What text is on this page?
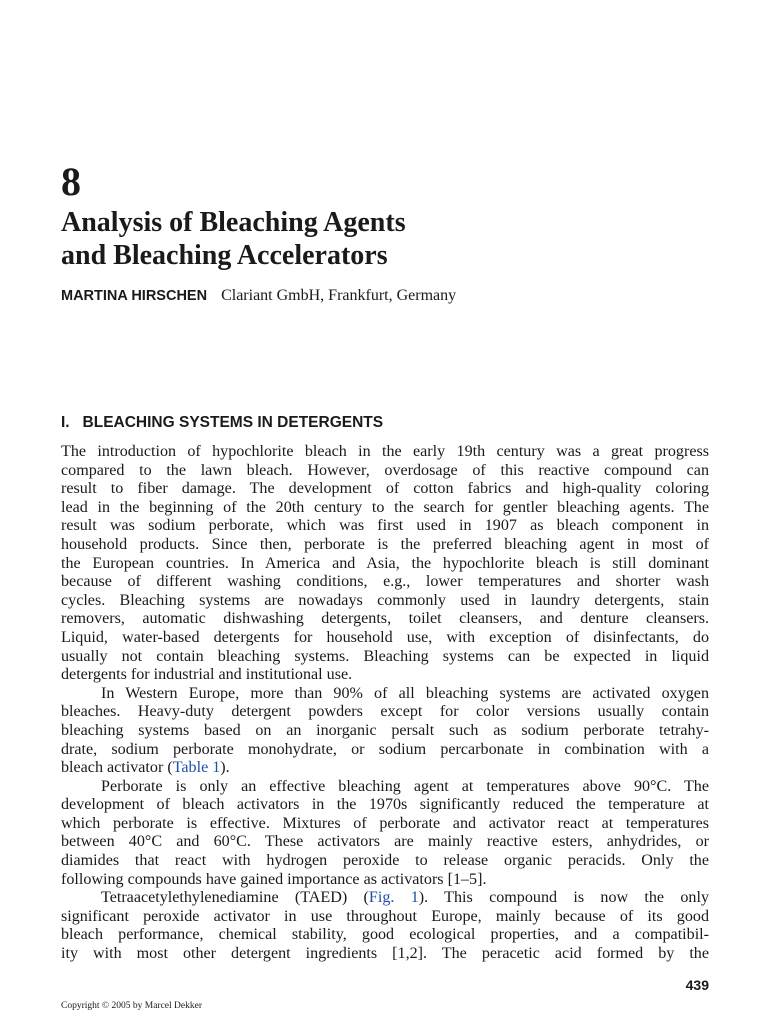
8
Analysis of Bleaching Agents
and Bleaching Accelerators
MARTINA HIRSCHEN Clariant GmbH, Frankfurt, Germany
I.   BLEACHING SYSTEMS IN DETERGENTS
The introduction of hypochlorite bleach in the early 19th century was a great progress
compared to the lawn bleach. However, overdosage of this reactive compound can
result to fiber damage. The development of cotton fabrics and high-quality coloring
lead in the beginning of the 20th century to the search for gentler bleaching agents. The
result was sodium perborate, which was first used in 1907 as bleach component in
household products. Since then, perborate is the preferred bleaching agent in most of
the European countries. In America and Asia, the hypochlorite bleach is still dominant
because of different washing conditions, e.g., lower temperatures and shorter wash
cycles. Bleaching systems are nowadays commonly used in laundry detergents, stain
removers, automatic dishwashing detergents, toilet cleansers, and denture cleansers.
Liquid, water-based detergents for household use, with exception of disinfectants, do
usually not contain bleaching systems. Bleaching systems can be expected in liquid
detergents for industrial and institutional use.
In Western Europe, more than 90% of all bleaching systems are activated oxygen
bleaches. Heavy-duty detergent powders except for color versions usually contain
bleaching systems based on an inorganic persalt such as sodium perborate tetrahy-
drate, sodium perborate monohydrate, or sodium percarbonate in combination with a
bleach activator (Table 1).
Perborate is only an effective bleaching agent at temperatures above 90°C. The
development of bleach activators in the 1970s significantly reduced the temperature at
which perborate is effective. Mixtures of perborate and activator react at temperatures
between 40°C and 60°C. These activators are mainly reactive esters, anhydrides, or
diamides that react with hydrogen peroxide to release organic peracids. Only the
following compounds have gained importance as activators [1–5].
Tetraacetylethylenediamine (TAED) (Fig. 1). This compound is now the only
significant peroxide activator in use throughout Europe, mainly because of its good
bleach performance, chemical stability, good ecological properties, and a compatibil-
ity with most other detergent ingredients [1,2]. The peracetic acid formed by the
439
Copyright © 2005 by Marcel Dekker
